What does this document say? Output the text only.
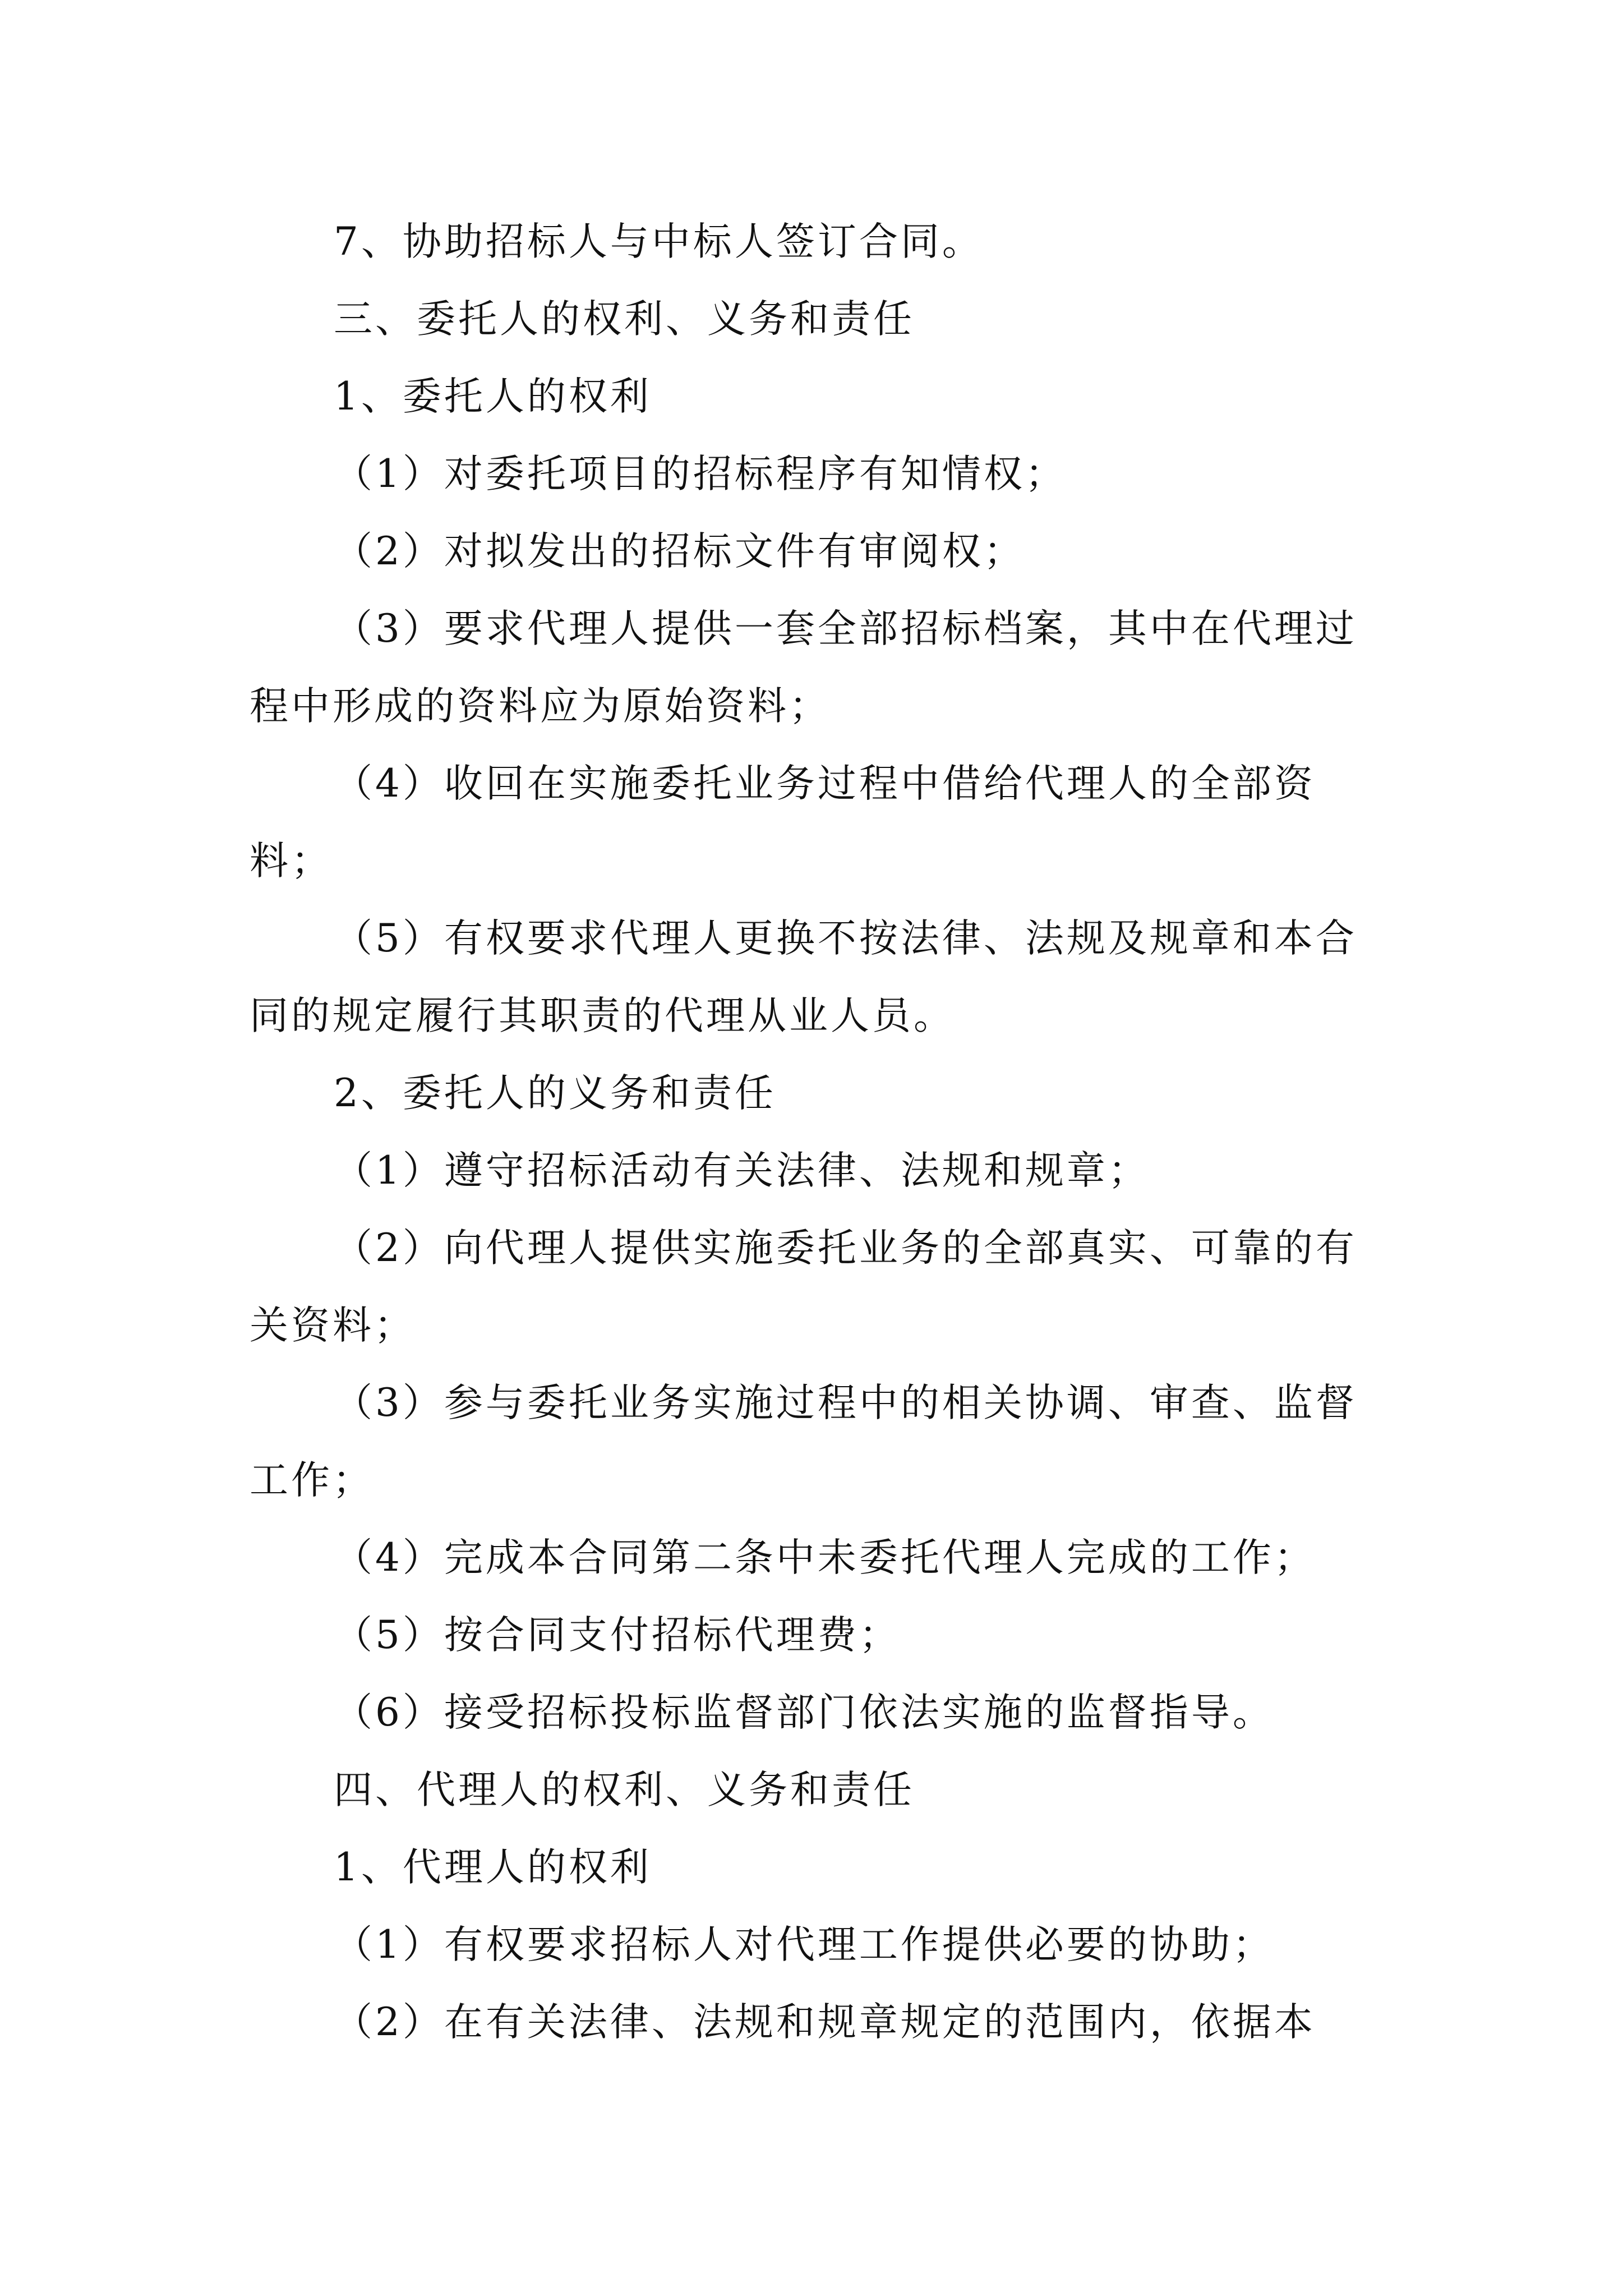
7、协助招标人与中标人签订合同。

三、委托人的权利、义务和责任

1、委托人的权利

（1）对委托项目的招标程序有知情权；

（2）对拟发出的招标文件有审阅权；

（3）要求代理人提供一套全部招标档案，其中在代理过程中形成的资料应为原始资料；

（4）收回在实施委托业务过程中借给代理人的全部资料；

（5）有权要求代理人更换不按法律、法规及规章和本合同的规定履行其职责的代理从业人员。

2、委托人的义务和责任

（1）遵守招标活动有关法律、法规和规章；

（2）向代理人提供实施委托业务的全部真实、可靠的有关资料；

（3）参与委托业务实施过程中的相关协调、审查、监督工作；

（4）完成本合同第二条中未委托代理人完成的工作；

（5）按合同支付招标代理费；

（6）接受招标投标监督部门依法实施的监督指导。

四、代理人的权利、义务和责任

1、代理人的权利

（1）有权要求招标人对代理工作提供必要的协助；

（2）在有关法律、法规和规章规定的范围内，依据本
